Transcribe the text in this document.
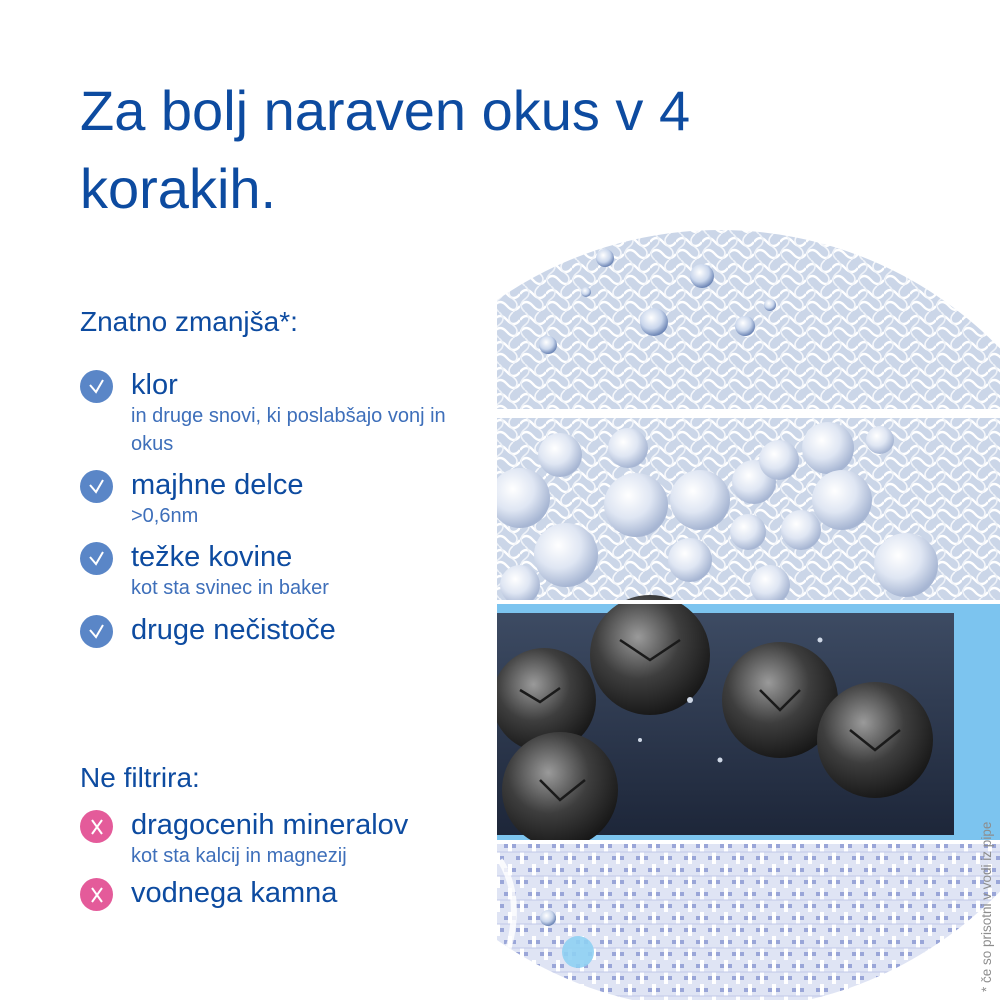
Za bolj naraven okus v 4 korakih.
Znatno zmanjša*:
klor
in druge snovi, ki poslabšajo vonj in okus
majhne delce
>0,6nm
težke kovine
kot sta svinec in baker
druge nečistoče
Ne filtrira:
dragocenih mineralov
kot sta kalcij in magnezij
vodnega kamna	* če so prisotni v vodi iz pipe
